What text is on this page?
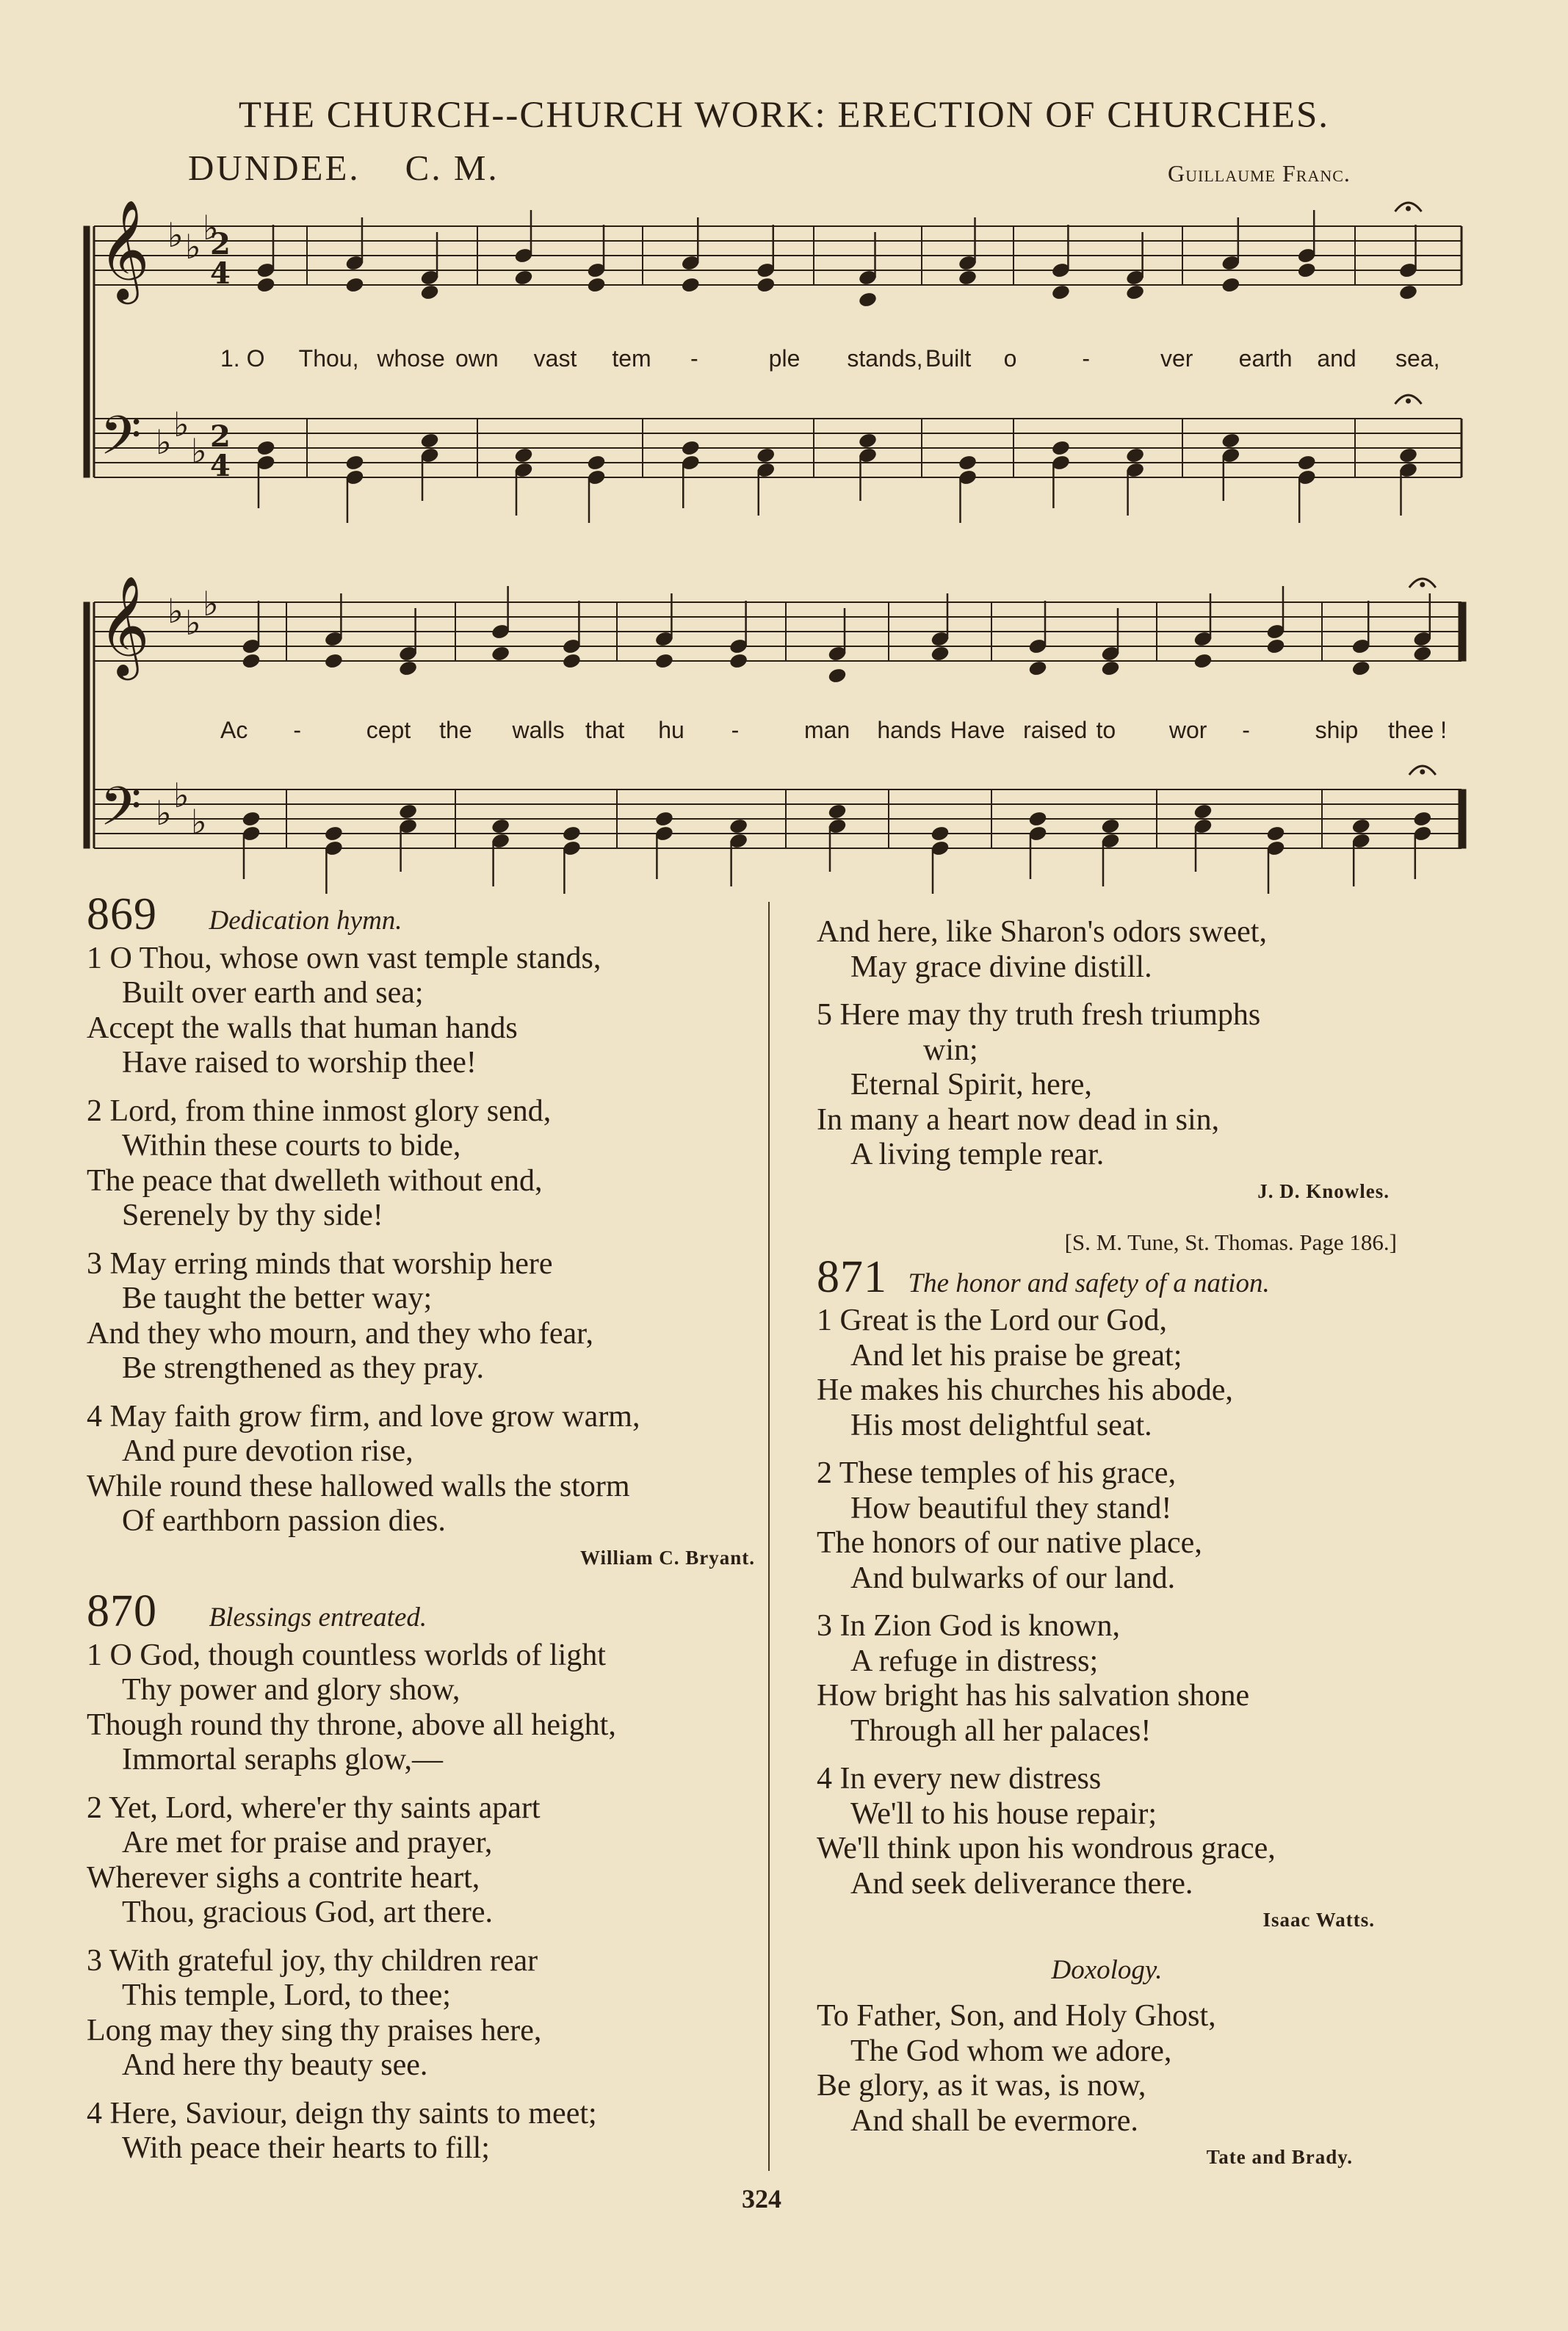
THE CHURCH--CHURCH WORK: ERECTION OF CHURCHES.
DUNDEE. C. M.	Guillaume Franc.
𝄞
𝄢
♭ ♭ ♭
♭ ♭
♭
2
4
2
4
𝄞
𝄢
♭ ♭ ♭
♭ ♭
♭
1. O Thou, whose own vast tem -	ple stands, Built o	-	ver earth and sea,
Ac -	cept the walls that hu -	man hands Have raised to wor -	ship thee !
869 Dedication hymn.

1 O Thou, whose own vast temple stands,

Built over earth and sea;

Accept the walls that human hands

Have raised to worship thee!

2 Lord, from thine inmost glory send,

Within these courts to bide,

The peace that dwelleth without end,

Serenely by thy side!

3 May erring minds that worship here

Be taught the better way;

And they who mourn, and they who fear,

Be strengthened as they pray.

4 May faith grow firm, and love grow warm,

And pure devotion rise,

While round these hallowed walls the storm

Of earthborn passion dies.

William C. Bryant.
870 Blessings entreated.

1 O God, though countless worlds of light

Thy power and glory show,

Though round thy throne, above all height,

Immortal seraphs glow,—

2 Yet, Lord, where'er thy saints apart

Are met for praise and prayer,

Wherever sighs a contrite heart,

Thou, gracious God, art there.

3 With grateful joy, thy children rear

This temple, Lord, to thee;

Long may they sing thy praises here,

And here thy beauty see.

4 Here, Saviour, deign thy saints to meet;

With peace their hearts to fill;

And here, like Sharon's odors sweet,

May grace divine distill.

5 Here may thy truth fresh triumphs

win;

Eternal Spirit, here,

In many a heart now dead in sin,

A living temple rear.

J. D. Knowles.
[S. M. Tune, St. Thomas. Page 186.]
871 The honor and safety of a nation.

1 Great is the Lord our God,

And let his praise be great;

He makes his churches his abode,

His most delightful seat.

2 These temples of his grace,

How beautiful they stand!

The honors of our native place,

And bulwarks of our land.

3 In Zion God is known,

A refuge in distress;

How bright has his salvation shone

Through all her palaces!

4 In every new distress

We'll to his house repair;

We'll think upon his wondrous grace,

And seek deliverance there.

Isaac Watts.
Doxology.

To Father, Son, and Holy Ghost,

The God whom we adore,

Be glory, as it was, is now,

And shall be evermore.

Tate and Brady.
324
